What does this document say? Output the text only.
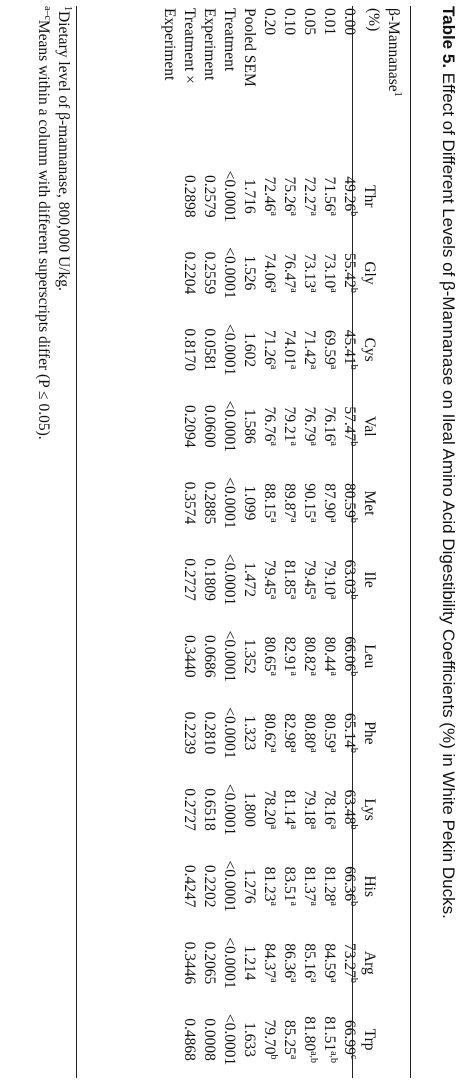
Table 5. Effect of Different Levels of β-Mannanase on Ileal Amino Acid Digestibility Coefficients (%) in White Pekin Ducks.
β-Mannanase$^1$
(%)	Thr	Gly	Cys	Val	Met	Ile	Leu	Phe	Lys	His	Arg	Trp
0.00	49.26$^b$	55.42$^b$	45.41$^b$	57.47$^b$	80.59$^b$	63.03$^b$	66.06$^b$	65.14$^b$	63.48$^b$	66.36$^b$	73.27$^b$	66.99$^c$
0.01	71.56$^a$	73.10$^a$	69.59$^a$	76.16$^a$	87.90$^a$	79.10$^a$	80.44$^a$	80.59$^a$	78.16$^a$	81.28$^a$	84.59$^a$	81.51$^{a,b}$
0.05	72.27$^a$	73.13$^a$	71.42$^a$	76.79$^a$	90.15$^a$	79.45$^a$	80.82$^a$	80.80$^a$	79.18$^a$	81.37$^a$	85.16$^a$	81.80$^{a,b}$
0.10	75.26$^a$	76.47$^a$	74.01$^a$	79.21$^a$	89.87$^a$	81.85$^a$	82.91$^a$	82.98$^a$	81.14$^a$	83.51$^a$	86.36$^a$	85.25$^a$
0.20	72.46$^a$	74.06$^a$	71.26$^a$	76.76$^a$	88.15$^a$	79.45$^a$	80.65$^a$	80.62$^a$	78.20$^a$	81.23$^a$	84.37$^a$	79.70$^b$
Pooled SEM	1.716	1.526	1.602	1.586	1.099	1.472	1.352	1.323	1.800	1.276	1.214	1.633
Treatment	<0.0001	<0.0001	<0.0001	<0.0001	<0.0001	<0.0001	<0.0001	<0.0001	<0.0001	<0.0001	<0.0001	<0.0001
Experiment	0.2579	0.2559	0.0581	0.0600	0.2885	0.1809	0.0686	0.2810	0.6518	0.2202	0.2065	0.0008
Treatment ×	0.2898	0.2204	0.8170	0.2094	0.3574	0.2727	0.3440	0.2239	0.2727	0.4247	0.3446	0.4868
Experiment												
$^1$Dietary level of β-mannanase, 800,000 U/kg.
$^{a-c}$Means within a column with different superscripts differ (P ≤ 0.05).
